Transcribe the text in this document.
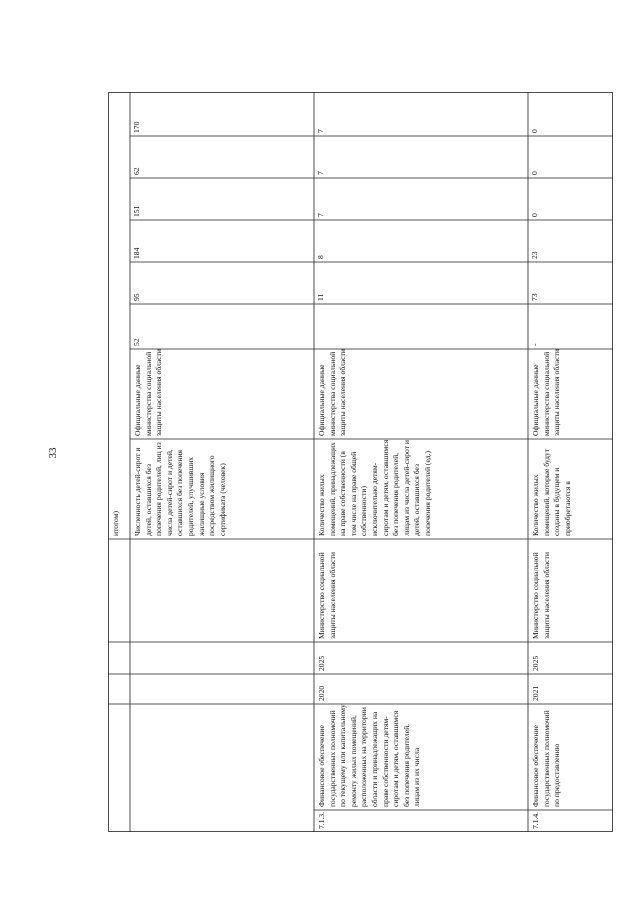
33
итогом)	Численность детей-сирот и детей, оставшихся без попечения родителей, лиц из числа детей-сирот и детей, оставшихся без попечения родителей, улучшивших жилищные условия посредством жилищного сертификата (человек)
Официальные данные министерства социальной защиты населения области
52
95
184
151
62
170
7.1.3.
Финансовое обеспечение государственных полномочий по текущему или капитальному ремонту жилых помещений, расположенных на территории области и принадлежащих на праве собственности детям-сиротам и детям, оставшимся без попечения родителей, лицам из их числа
2020
2025
Министерство социальной защиты населения области
Количество жилых помещений, принадлежащих на праве собственности (в том числе на праве общей собственности) исключительно детям-сиротам и детям, оставшимся без попечения родителей, лицам из числа детей-сирот и детей, оставшихся без попечения родителей (ед.)
Официальные данные министерства социальной защиты населения области
11
8
7
7
7
7.1.4.
Финансовое обеспечение государственных полномочий по предоставлению
2021
2025
Министерство социальной защиты населения области
Количество жилых помещений, которые будут созданы в будущем и приобретаются в
Официальные данные министерства социальной защиты населения области
-
73
23
0
0
0
